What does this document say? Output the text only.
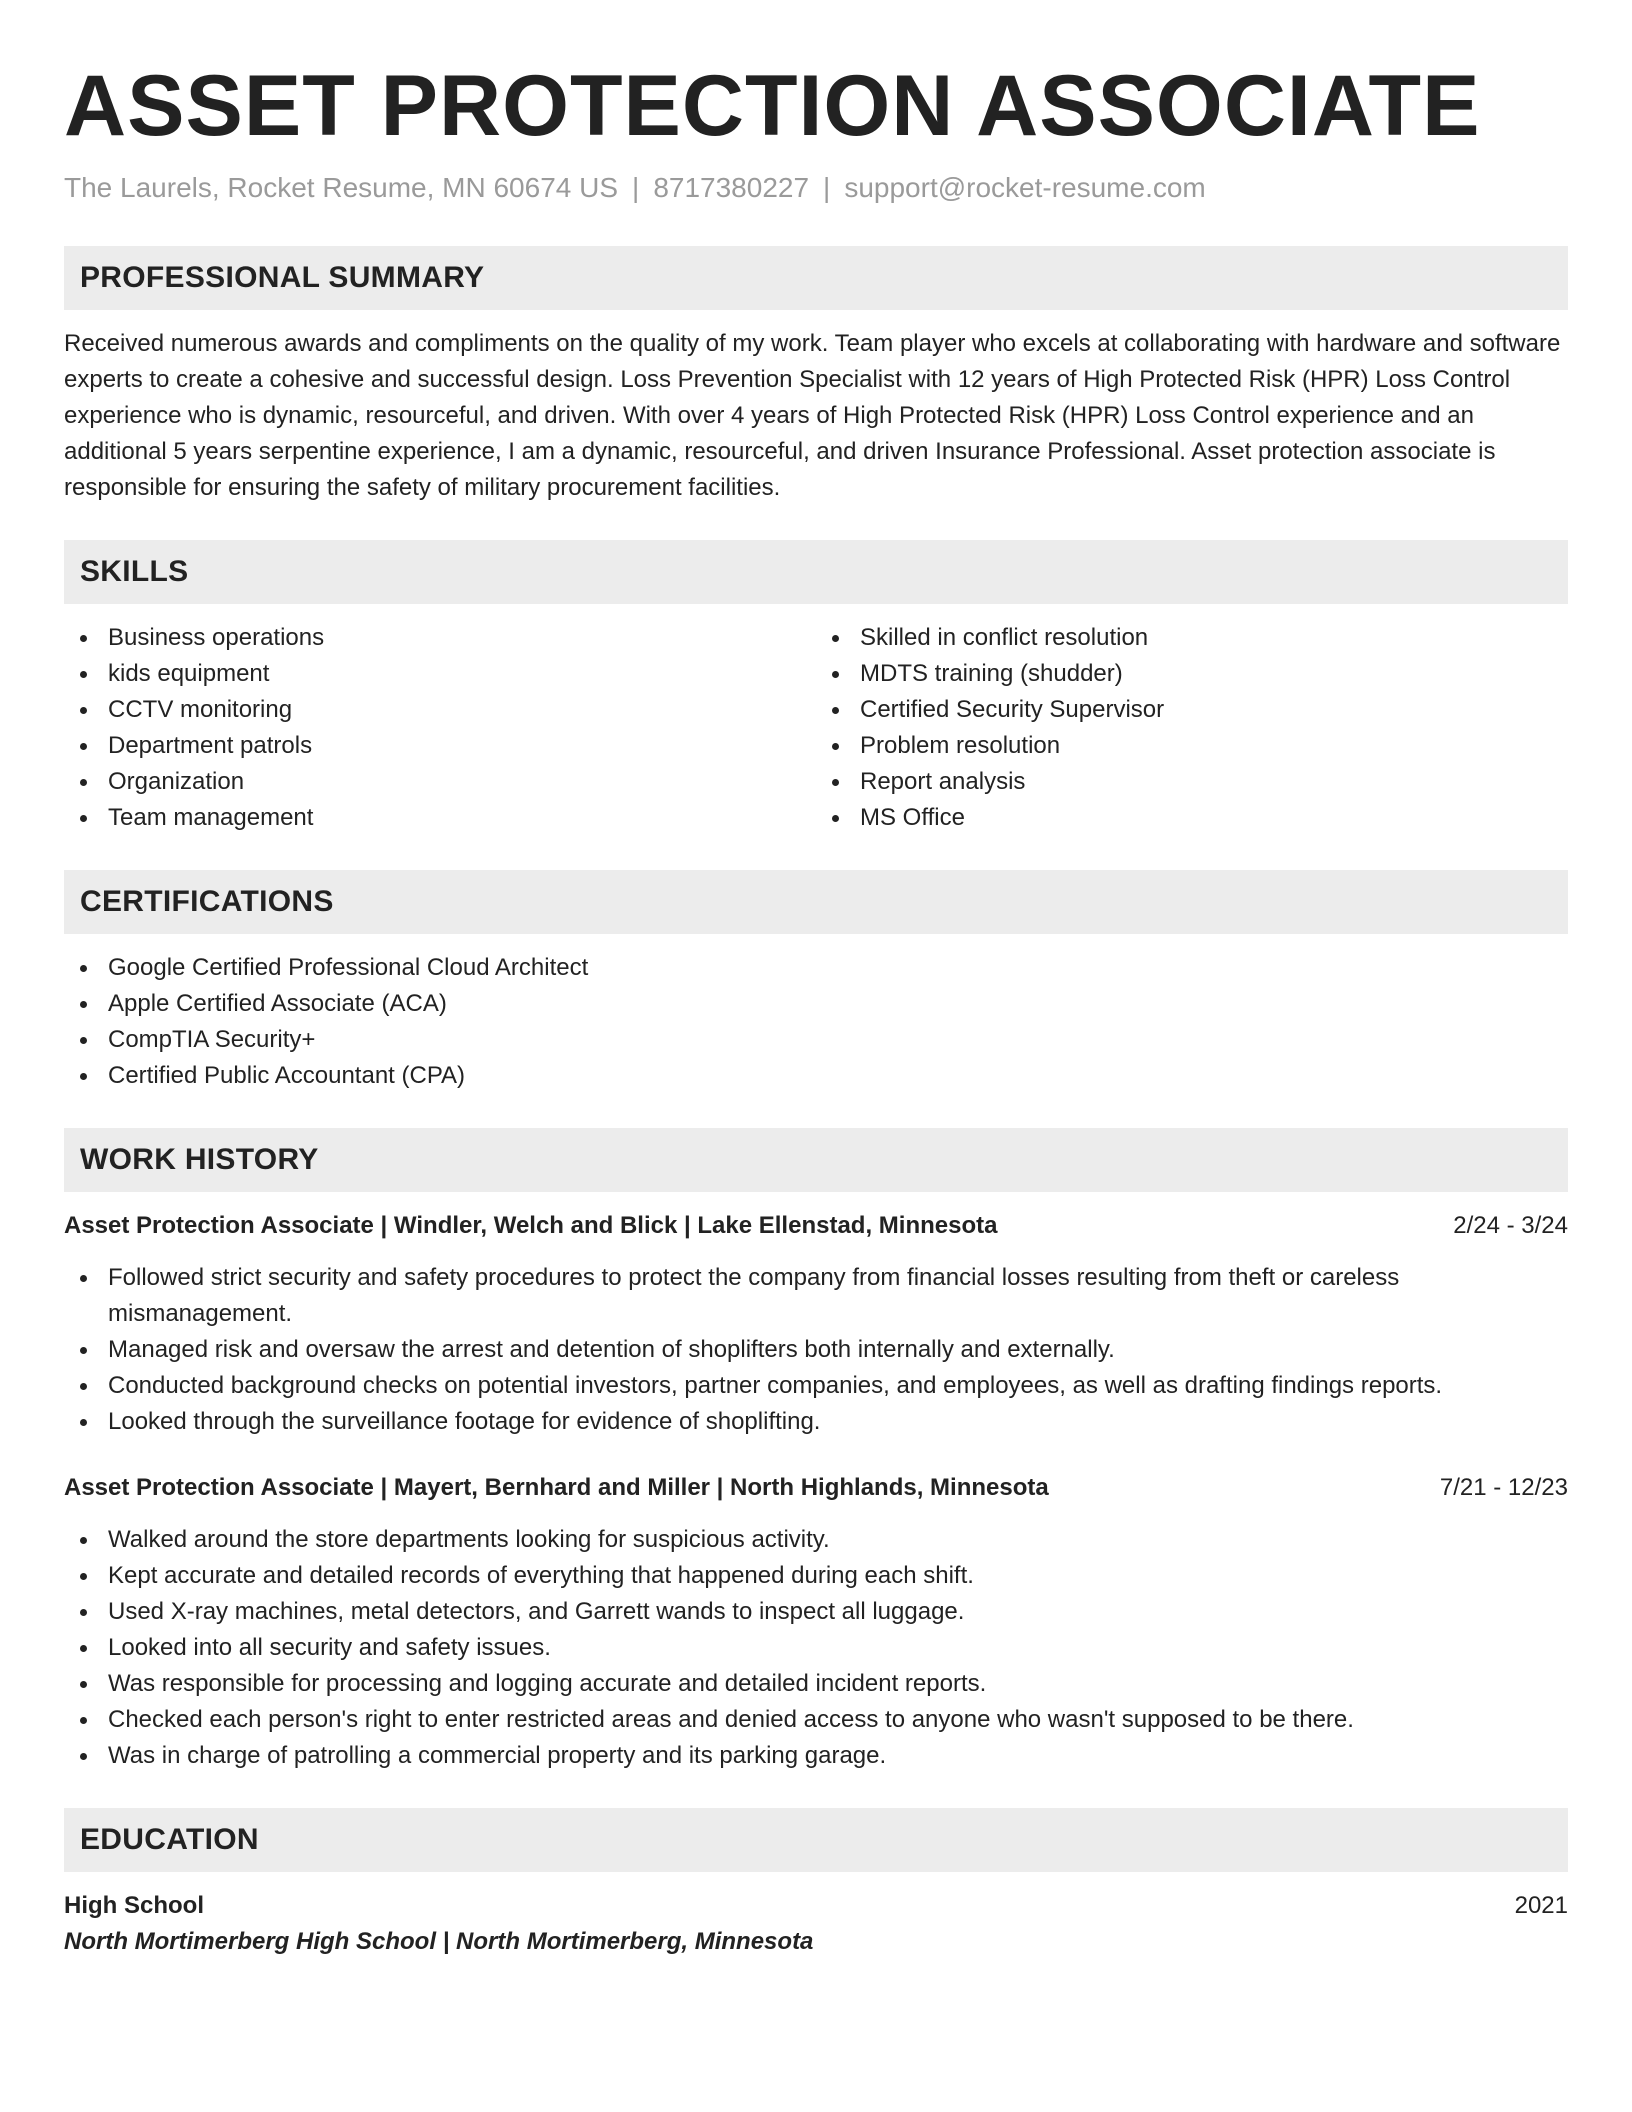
ASSET PROTECTION ASSOCIATE
The Laurels, Rocket Resume, MN 60674 US | 8717380227 | support@rocket-resume.com
PROFESSIONAL SUMMARY
Received numerous awards and compliments on the quality of my work. Team player who excels at collaborating with hardware and software experts to create a cohesive and successful design. Loss Prevention Specialist with 12 years of High Protected Risk (HPR) Loss Control experience who is dynamic, resourceful, and driven. With over 4 years of High Protected Risk (HPR) Loss Control experience and an additional 5 years serpentine experience, I am a dynamic, resourceful, and driven Insurance Professional. Asset protection associate is responsible for ensuring the safety of military procurement facilities.
SKILLS
Business operations
kids equipment
CCTV monitoring
Department patrols
Organization
Team management
Skilled in conflict resolution
MDTS training (shudder)
Certified Security Supervisor
Problem resolution
Report analysis
MS Office
CERTIFICATIONS
Google Certified Professional Cloud Architect
Apple Certified Associate (ACA)
CompTIA Security+
Certified Public Accountant (CPA)
WORK HISTORY
Asset Protection Associate | Windler, Welch and Blick | Lake Ellenstad, Minnesota	2/24 - 3/24
Followed strict security and safety procedures to protect the company from financial losses resulting from theft or careless mismanagement.
Managed risk and oversaw the arrest and detention of shoplifters both internally and externally.
Conducted background checks on potential investors, partner companies, and employees, as well as drafting findings reports.
Looked through the surveillance footage for evidence of shoplifting.
Asset Protection Associate | Mayert, Bernhard and Miller | North Highlands, Minnesota	7/21 - 12/23
Walked around the store departments looking for suspicious activity.
Kept accurate and detailed records of everything that happened during each shift.
Used X-ray machines, metal detectors, and Garrett wands to inspect all luggage.
Looked into all security and safety issues.
Was responsible for processing and logging accurate and detailed incident reports.
Checked each person's right to enter restricted areas and denied access to anyone who wasn't supposed to be there.
Was in charge of patrolling a commercial property and its parking garage.
EDUCATION
High School	2021
North Mortimerberg High School | North Mortimerberg, Minnesota
